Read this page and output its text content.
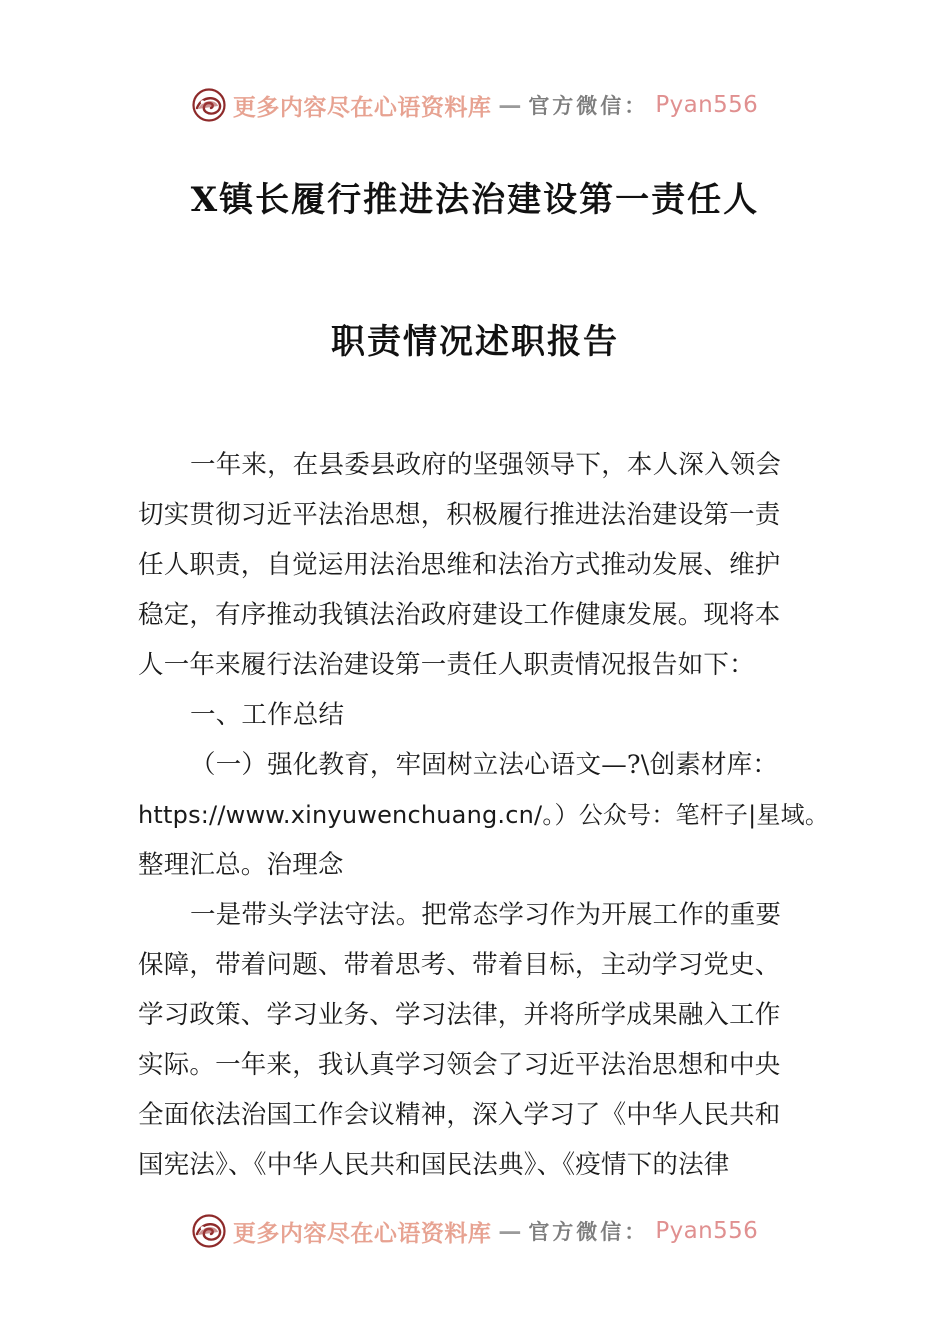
更多内容尽在心语资料库 — 官方微信： Pyan556
X镇长履行推进法治建设第一责任人
职责情况述职报告
一年来，在县委县政府的坚强领导下，本人深入领会
切实贯彻习近平法治思想，积极履行推进法治建设第一责
任人职责，自觉运用法治思维和法治方式推动发展、维护
稳定，有序推动我镇法治政府建设工作健康发展。现将本
人一年来履行法治建设第一责任人职责情况报告如下：
一、工作总结
（一）强化教育，牢固树立法心语文—?\创素材库：
https://www.xinyuwenchuang.cn/。）公众号：笔杆子|星域。
整理汇总。治理念
一是带头学法守法。把常态学习作为开展工作的重要
保障，带着问题、带着思考、带着目标，主动学习党史、
学习政策、学习业务、学习法律，并将所学成果融入工作
实际。一年来，我认真学习领会了习近平法治思想和中央
全面依法治国工作会议精神，深入学习了《中华人民共和
国宪法》、《中华人民共和国民法典》、《疫情下的法律
更多内容尽在心语资料库 — 官方微信： Pyan556
